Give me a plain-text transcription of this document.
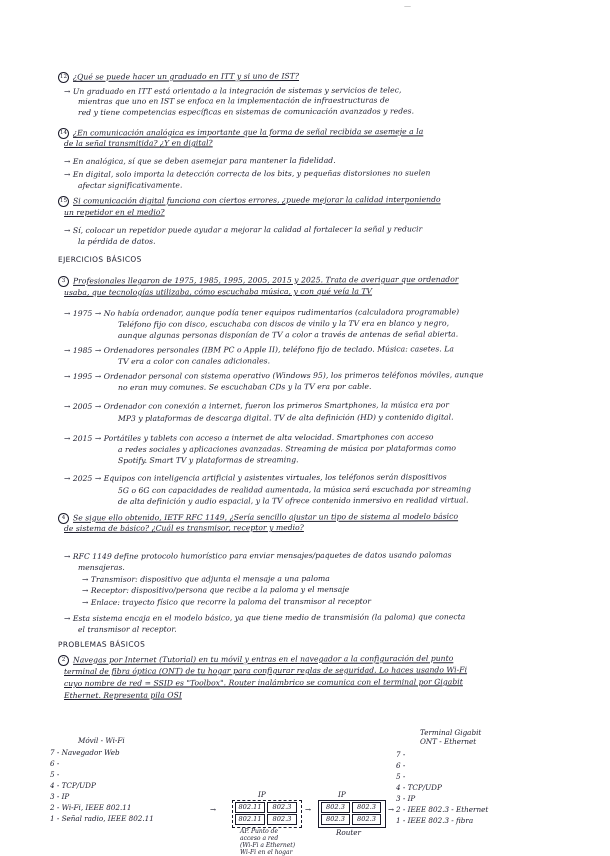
—
12 ¿Qué se puede hacer un graduado en ITT y si uno de IST?
→ Un graduado en ITT está orientado a la integración de sistemas y servicios de telec,
mientras que uno en IST se enfoca en la implementación de infraestructuras de
red y tiene competencias específicas en sistemas de comunicación avanzados y redes.
14 ¿En comunicación analógica es importante que la forma de señal recibida se asemeje a la
de la señal transmitida? ¿Y en digital?
→ En analógica, sí que se deben asemejar para mantener la fidelidad.
→ En digital, solo importa la detección correcta de los bits, y pequeñas distorsiones no suelen
afectar significativamente.
15 Si comunicación digital funciona con ciertos errores, ¿puede mejorar la calidad interponiendo
un repetidor en el medio?
→ Sí, colocar un repetidor puede ayudar a mejorar la calidad al fortalecer la señal y reducir
la pérdida de datos.
EJERCICIOS BÁSICOS
3 Profesionales llegaron de 1975, 1985, 1995, 2005, 2015 y 2025. Trata de averiguar que ordenador
usaba, que tecnologías utilizaba, cómo escuchaba música, y con qué veía la TV
→ 1975 → No había ordenador, aunque podía tener equipos rudimentarios (calculadora programable)
Teléfono fijo con disco, escuchaba con discos de vinilo y la TV era en blanco y negro,
aunque algunas personas disponían de TV a color a través de antenas de señal abierta.
→ 1985 → Ordenadores personales (IBM PC o Apple II), teléfono fijo de teclado. Música: casetes. La
TV era a color con canales adicionales.
→ 1995 → Ordenador personal con sistema operativo (Windows 95), los primeros teléfonos móviles, aunque
no eran muy comunes. Se escuchaban CDs y la TV era por cable.
→ 2005 → Ordenador con conexión a internet, fueron los primeros Smartphones, la música era por
MP3 y plataformas de descarga digital. TV de alta definición (HD) y contenido digital.
→ 2015 → Portátiles y tablets con acceso a internet de alta velocidad. Smartphones con acceso
a redes sociales y aplicaciones avanzadas. Streaming de música por plataformas como
Spotify. Smart TV y plataformas de streaming.
→ 2025 → Equipos con inteligencia artificial y asistentes virtuales, los teléfonos serán dispositivos
5G o 6G con capacidades de realidad aumentada, la música será escuchada por streaming
de alta definición y audio espacial, y la TV ofrece contenido inmersivo en realidad virtual.
4 Se sigue ello obtenido, IETF RFC 1149, ¿Sería sencillo ajustar un tipo de sistema al modelo básico
de sistema de básico? ¿Cuál es transmisor, receptor y medio?
→ RFC 1149 define protocolo humorístico para enviar mensajes/paquetes de datos usando palomas
mensajeras.
→ Transmisor: dispositivo que adjunta el mensaje a una paloma
→ Receptor: dispositivo/persona que recibe a la paloma y el mensaje
→ Enlace: trayecto físico que recorre la paloma del transmisor al receptor
→ Esta sistema encaja en el modelo básico, ya que tiene medio de transmisión (la paloma) que conecta
el transmisor al receptor.
PROBLEMAS BÁSICOS
2 Navegas por Internet (Tutorial) en tu móvil y entras en el navegador a la configuración del punto
terminal de fibra óptica (ONT) de tu hogar para configurar reglas de seguridad. Lo haces usando Wi-Fi
cuyo nombre de red = SSID es "Toolbox". Router inalámbrico se comunica con el terminal por Gigabit
Ethernet. Representa pila OSI
Móvil - Wi-Fi
7 - Navegador Web
6 -
5 -
4 - TCP/UDP
3 - IP
2 - Wi-Fi, IEEE 802.11
1 - Señal radio, IEEE 802.11
Terminal Gigabit
ONT - Ethernet
7 -
6 -
5 -
4 - TCP/UDP
3 - IP
2 - IEEE 802.3 - Ethernet
1 - IEEE 802.3 - fibra
IP
802.11	802.3
802.11	802.3
AP. Punto de
acceso a red
(Wi-Fi a Ethernet)
Wi-Fi en el hogar
→	→	→
IP
802.3	802.3
802.3	802.3
Router
